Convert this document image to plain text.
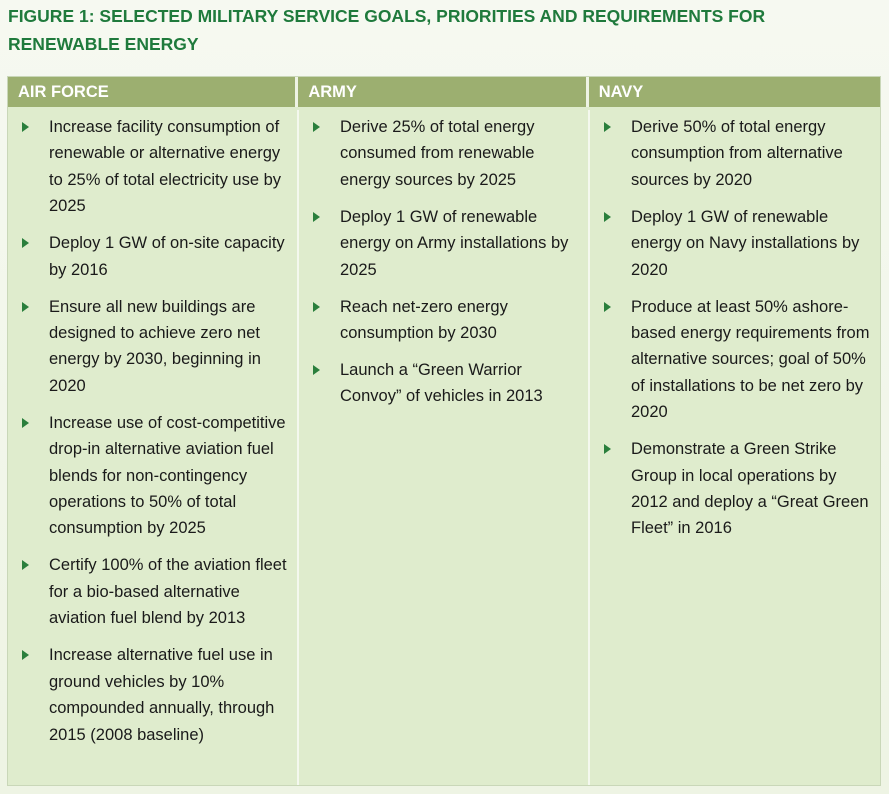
FIGURE 1: SELECTED MILITARY SERVICE GOALS, PRIORITIES AND REQUIREMENTS FOR
RENEWABLE ENERGY
AIR FORCE	ARMY	NAVY
Increase facility consumption of renewable or alternative energy to 25% of total electricity use by 2025
Deploy 1 GW of on-site capacity by 2016
Ensure all new buildings are designed to achieve zero net energy by 2030, beginning in 2020
Increase use of cost-competitive drop-in alternative aviation fuel blends for non-contingency operations to 50% of total consumption by 2025
Certify 100% of the aviation fleet for a bio-based alternative aviation fuel blend by 2013
Increase alternative fuel use in ground vehicles by 10% compounded annually, through 2015 (2008 baseline)
Derive 25% of total energy consumed from renewable energy sources by 2025
Deploy 1 GW of renewable energy on Army installations by 2025
Reach net-zero energy consumption by 2030
Launch a “Green Warrior Convoy” of vehicles in 2013
Derive 50% of total energy consumption from alternative sources by 2020
Deploy 1 GW of renewable energy on Navy installations by 2020
Produce at least 50% ashore-based energy requirements from alternative sources; goal of 50% of installations to be net zero by 2020
Demonstrate a Green Strike Group in local operations by 2012 and deploy a “Great Green Fleet” in 2016
